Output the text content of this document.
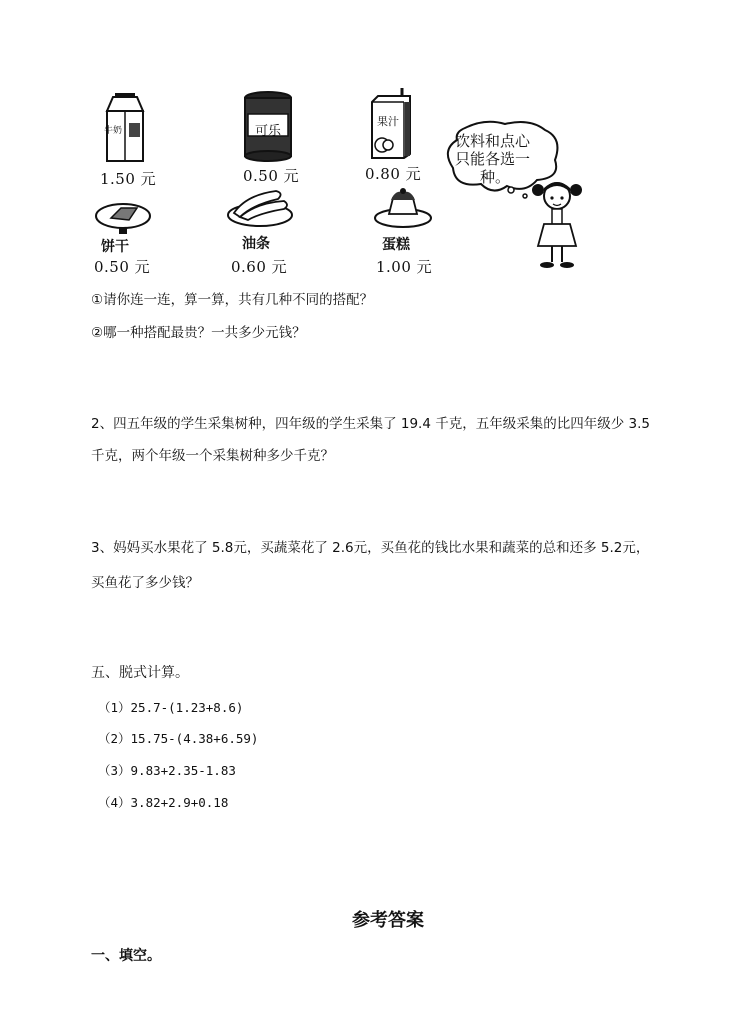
牛奶
1.50 元
可乐
0.50 元
果汁
0.80 元
饮料和点心
只能各选一
种。
饼干
0.50 元
油条
0.60 元
蛋糕
1.00 元
①请你连一连，算一算，共有几种不同的搭配？
②哪一种搭配最贵？一共多少元钱？
2、四五年级的学生采集树种，四年级的学生采集了 19.4 千克，五年级采集的比四年级少 3.5
千克，两个年级一个采集树种多少千克？
3、妈妈买水果花了 5.8元，买蔬菜花了 2.6元，买鱼花的钱比水果和蔬菜的总和还多 5.2元，
买鱼花了多少钱？
五、脱式计算。
（1）25.7-(1.23+8.6)
（2）15.75-(4.38+6.59)
（3）9.83+2.35-1.83
（4）3.82+2.9+0.18
参考答案
一、填空。
